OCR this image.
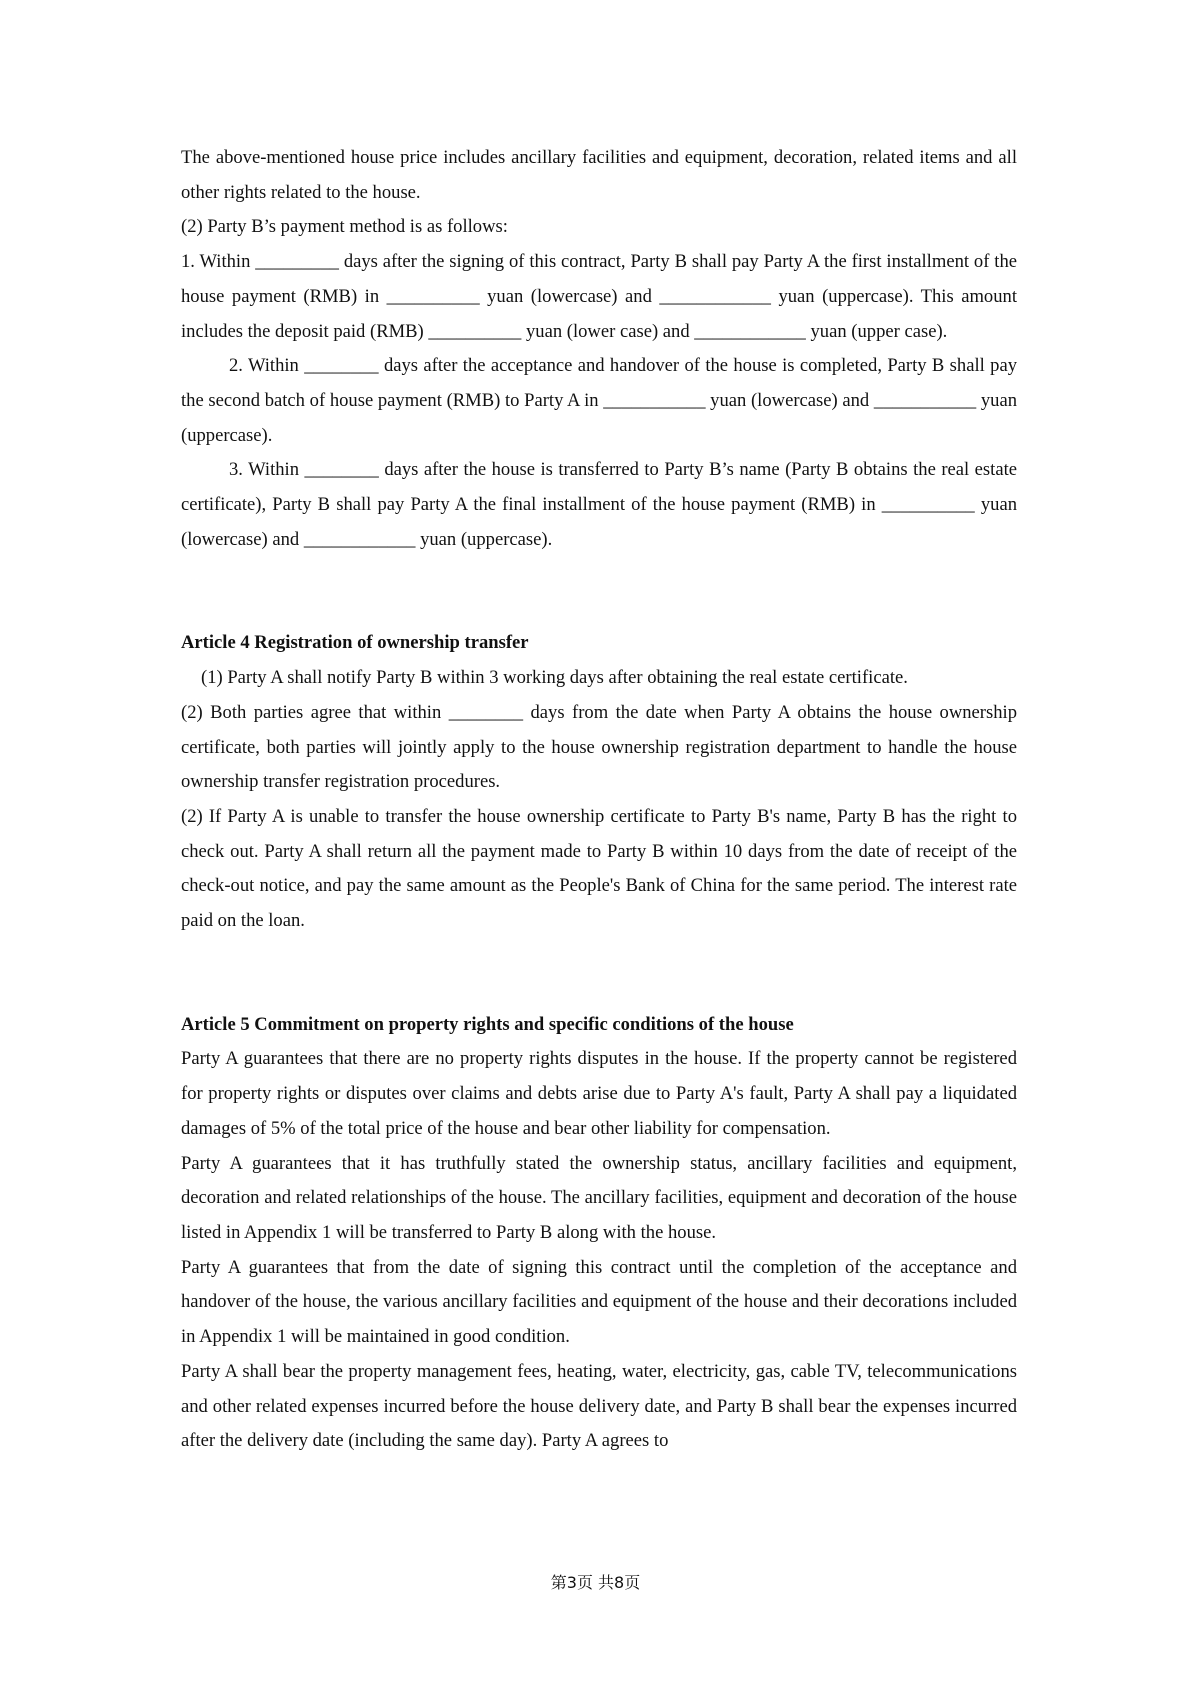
The above-mentioned house price includes ancillary facilities and equipment, decoration, related items and all other rights related to the house.

(2) Party B’s payment method is as follows:

1. Within _________ days after the signing of this contract, Party B shall pay Party A the first installment of the house payment (RMB) in __________ yuan (lowercase) and ____________ yuan (uppercase). This amount includes the deposit paid (RMB) __________ yuan (lower case) and ____________ yuan (upper case).

2. Within ________ days after the acceptance and handover of the house is completed, Party B shall pay the second batch of house payment (RMB) to Party A in ___________ yuan (lowercase) and ___________ yuan (uppercase).

3. Within ________ days after the house is transferred to Party B’s name (Party B obtains the real estate certificate), Party B shall pay Party A the final installment of the house payment (RMB) in __________ yuan (lowercase) and ____________ yuan (uppercase).

Article 4 Registration of ownership transfer

(1) Party A shall notify Party B within 3 working days after obtaining the real estate certificate.

(2) Both parties agree that within ________ days from the date when Party A obtains the house ownership certificate, both parties will jointly apply to the house ownership registration department to handle the house ownership transfer registration procedures.

(2) If Party A is unable to transfer the house ownership certificate to Party B's name, Party B has the right to check out. Party A shall return all the payment made to Party B within 10 days from the date of receipt of the check-out notice, and pay the same amount as the People's Bank of China for the same period. The interest rate paid on the loan.

Article 5 Commitment on property rights and specific conditions of the house

Party A guarantees that there are no property rights disputes in the house. If the property cannot be registered for property rights or disputes over claims and debts arise due to Party A's fault, Party A shall pay a liquidated damages of 5% of the total price of the house and bear other liability for compensation.

Party A guarantees that it has truthfully stated the ownership status, ancillary facilities and equipment, decoration and related relationships of the house. The ancillary facilities, equipment and decoration of the house listed in Appendix 1 will be transferred to Party B along with the house.

Party A guarantees that from the date of signing this contract until the completion of the acceptance and handover of the house, the various ancillary facilities and equipment of the house and their decorations included in Appendix 1 will be maintained in good condition.

Party A shall bear the property management fees, heating, water, electricity, gas, cable TV, telecommunications and other related expenses incurred before the house delivery date, and Party B shall bear the expenses incurred after the delivery date (including the same day). Party A agrees to

第3页 共8页
